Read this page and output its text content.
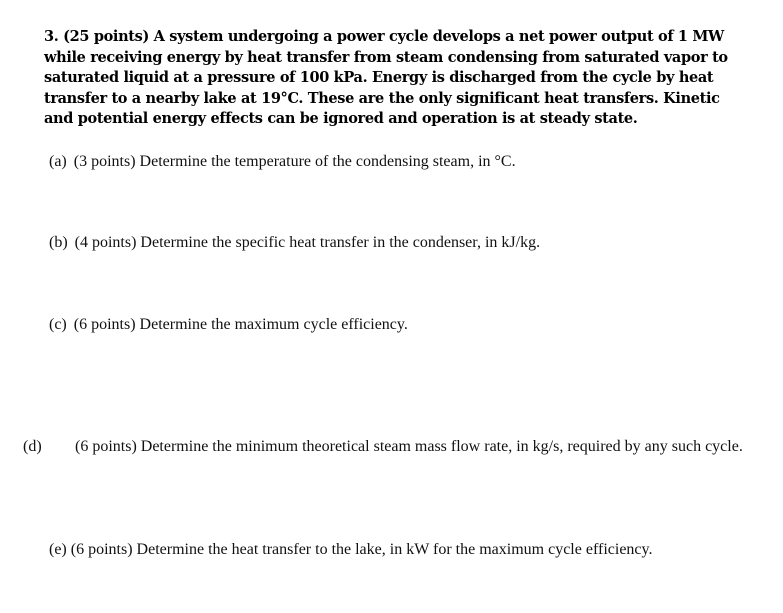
3. (25 points) A system undergoing a power cycle develops a net power output of 1 MW while receiving energy by heat transfer from steam condensing from saturated vapor to saturated liquid at a pressure of 100 kPa. Energy is discharged from the cycle by heat transfer to a nearby lake at 19°C. These are the only significant heat transfers. Kinetic and potential energy effects can be ignored and operation is at steady state.
(a) (3 points) Determine the temperature of the condensing steam, in °C.
(b) (4 points) Determine the specific heat transfer in the condenser, in kJ/kg.
(c) (6 points) Determine the maximum cycle efficiency.
(d) (6 points) Determine the minimum theoretical steam mass flow rate, in kg/s, required by any such cycle.
(e) (6 points) Determine the heat transfer to the lake, in kW for the maximum cycle efficiency.
